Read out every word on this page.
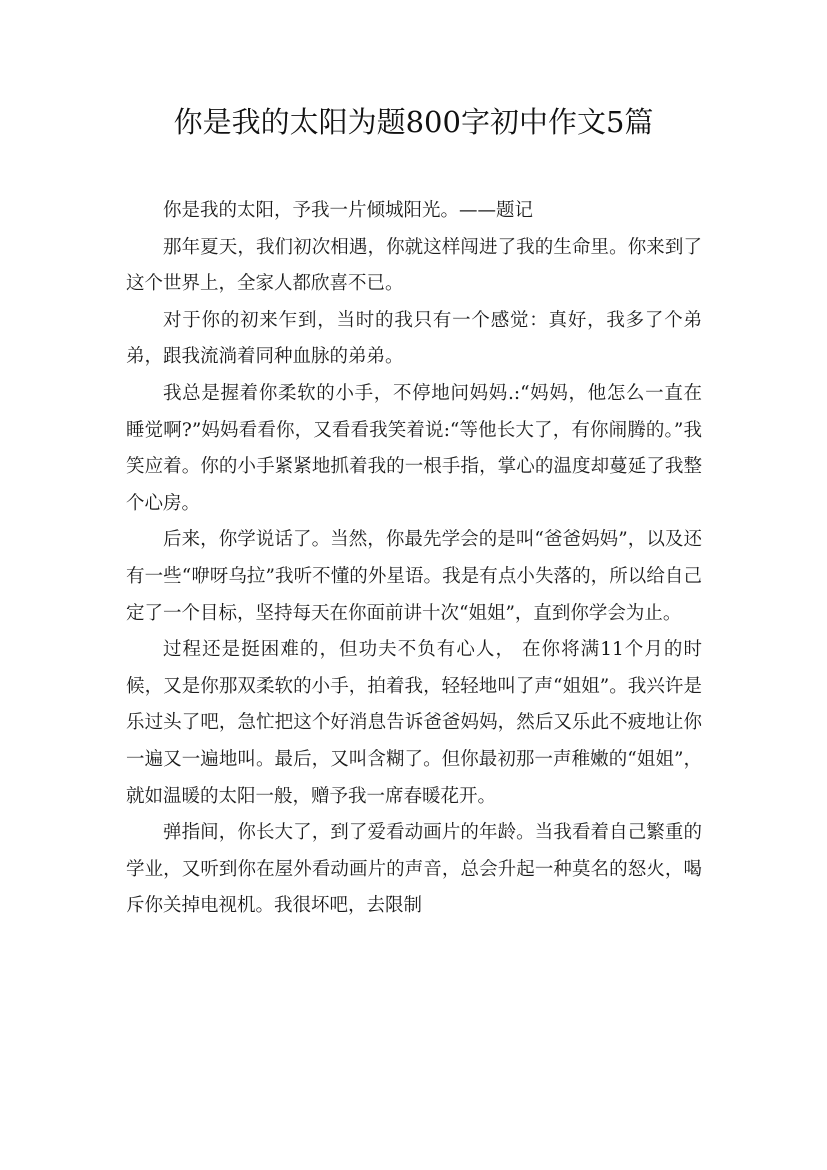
你是我的太阳为题800字初中作文5篇

你是我的太阳，予我一片倾城阳光。——题记

那年夏天，我们初次相遇，你就这样闯进了我的生命里。你来到了这个世界上，全家人都欣喜不已。

对于你的初来乍到，当时的我只有一个感觉：真好，我多了个弟弟，跟我流淌着同种血脉的弟弟。

我总是握着你柔软的小手，不停地问妈妈.:“妈妈，他怎么一直在睡觉啊?”妈妈看看你，又看看我笑着说:“等他长大了，有你闹腾的。”我笑应着。你的小手紧紧地抓着我的一根手指，掌心的温度却蔓延了我整个心房。

后来，你学说话了。当然，你最先学会的是叫“爸爸妈妈”，以及还有一些“咿呀乌拉”我听不懂的外星语。我是有点小失落的，所以给自己定了一个目标，坚持每天在你面前讲十次“姐姐”，直到你学会为止。

过程还是挺困难的，但功夫不负有心人， 在你将满11个月的时候，又是你那双柔软的小手，拍着我，轻轻地叫了声“姐姐”。我兴许是乐过头了吧，急忙把这个好消息告诉爸爸妈妈，然后又乐此不疲地让你一遍又一遍地叫。最后，又叫含糊了。但你最初那一声稚嫩的“姐姐”，就如温暖的太阳一般，赠予我一席春暖花开。

弹指间，你长大了，到了爱看动画片的年龄。当我看着自己繁重的学业，又听到你在屋外看动画片的声音，总会升起一种莫名的怒火，喝斥你关掉电视机。我很坏吧，去限制
